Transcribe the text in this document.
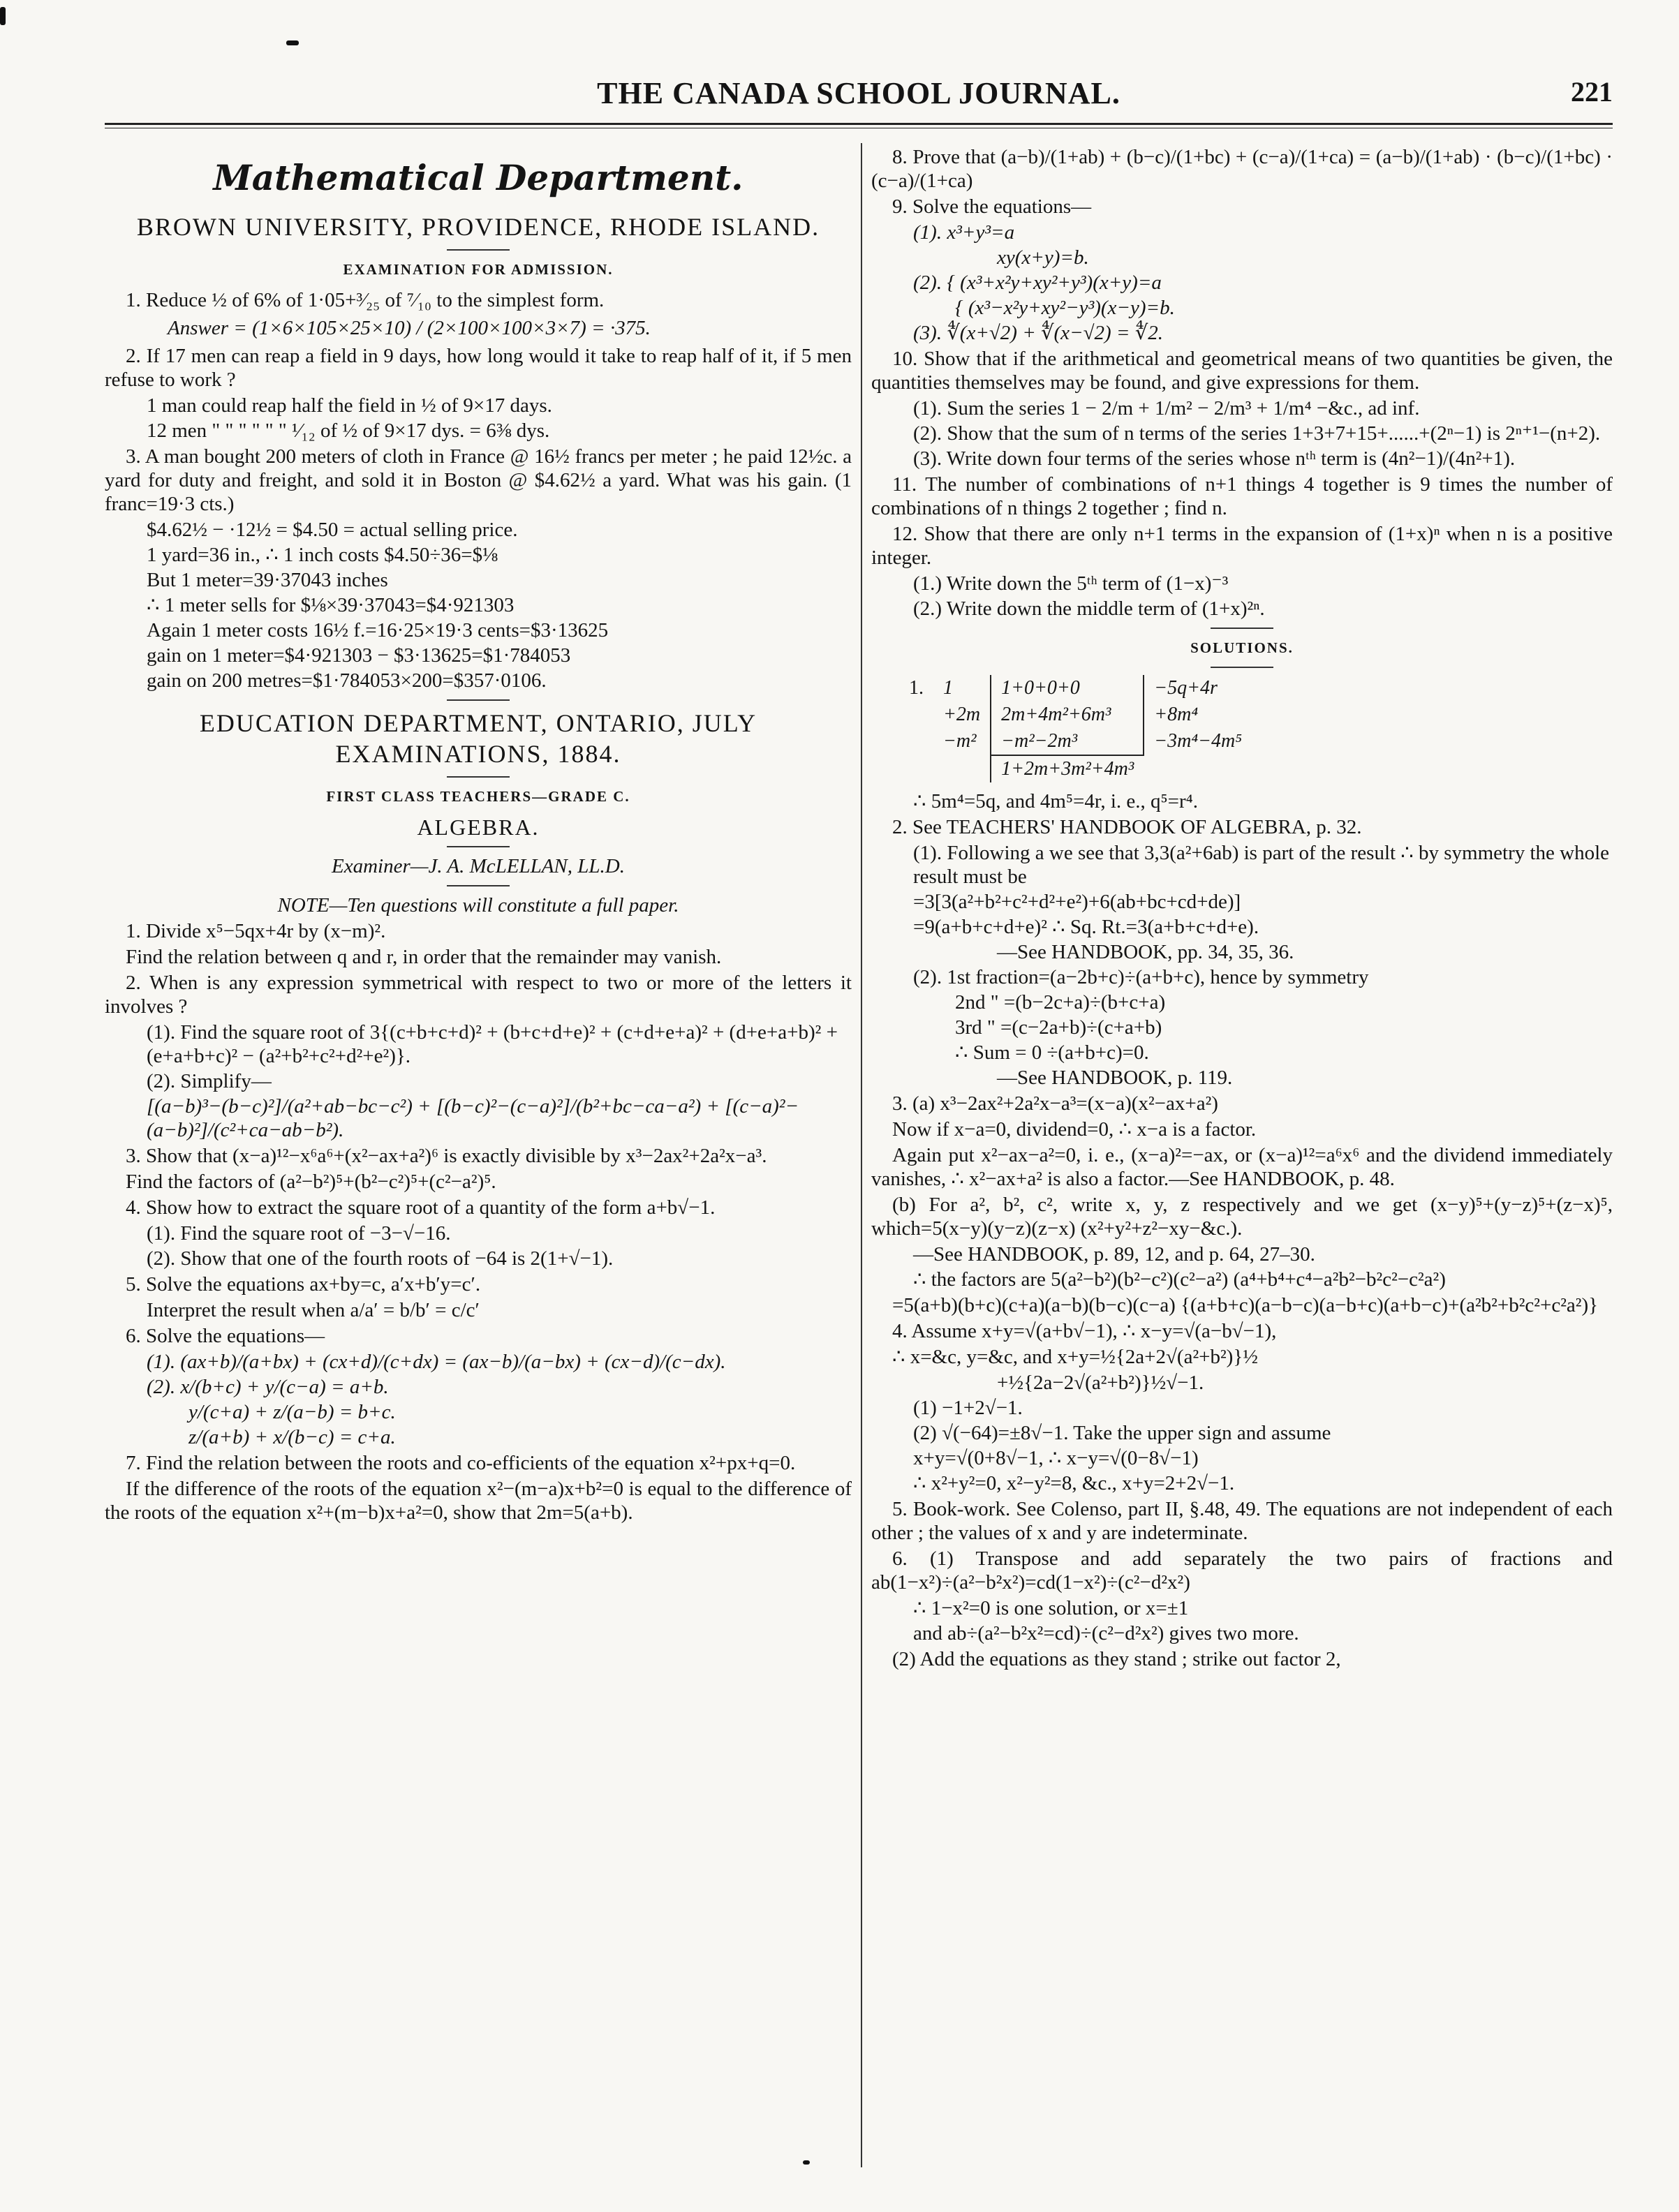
THE CANADA SCHOOL JOURNAL.	221
Mathematical Department.
BROWN UNIVERSITY, PROVIDENCE, RHODE ISLAND.
EXAMINATION FOR ADMISSION.
1. Reduce ½ of 6% of 1·05+³⁄₂₅ of ⁷⁄₁₀ to the simplest form.
Answer = (1×6×105×25×10) / (2×100×100×3×7) = ·375.
2. If 17 men can reap a field in 9 days, how long would it take to reap half of it, if 5 men refuse to work ?
1 man could reap half the field in ½ of 9×17 days.
12 men " " " " " " ¹⁄₁₂ of ½ of 9×17 dys. = 6⅜ dys.
3. A man bought 200 meters of cloth in France @ 16½ francs per meter ; he paid 12½c. a yard for duty and freight, and sold it in Boston @ $4.62½ a yard. What was his gain. (1 franc=19·3 cts.)
$4.62½ − ·12½ = $4.50 = actual selling price.
1 yard=36 in., ∴ 1 inch costs $4.50÷36=$⅛
But 1 meter=39·37043 inches
∴ 1 meter sells for $⅛×39·37043=$4·921303
Again 1 meter costs 16½ f.=16·25×19·3 cents=$3·13625
gain on 1 meter=$4·921303 − $3·13625=$1·784053
gain on 200 metres=$1·784053×200=$357·0106.
EDUCATION DEPARTMENT, ONTARIO, JULY EXAMINATIONS, 1884.
FIRST CLASS TEACHERS—GRADE C.
ALGEBRA.
Examiner—J. A. McLELLAN, LL.D.
NOTE—Ten questions will constitute a full paper.
1. Divide x⁵−5qx+4r by (x−m)².
Find the relation between q and r, in order that the remainder may vanish.
2. When is any expression symmetrical with respect to two or more of the letters it involves ?
(1). Find the square root of 3{(c+b+c+d)² + (b+c+d+e)² + (c+d+e+a)² + (d+e+a+b)² + (e+a+b+c)² − (a²+b²+c²+d²+e²)}.
(2). Simplify—
[(a−b)³−(b−c)²]/(a²+ab−bc−c²) + [(b−c)²−(c−a)²]/(b²+bc−ca−a²) + [(c−a)²−(a−b)²]/(c²+ca−ab−b²).
3. Show that (x−a)¹²−x⁶a⁶+(x²−ax+a²)⁶ is exactly divisible by x³−2ax²+2a²x−a³.
Find the factors of (a²−b²)⁵+(b²−c²)⁵+(c²−a²)⁵.
4. Show how to extract the square root of a quantity of the form a+b√−1.
(1). Find the square root of −3−√−16.
(2). Show that one of the fourth roots of −64 is 2(1+√−1).
5. Solve the equations ax+by=c, a′x+b′y=c′.
Interpret the result when a/a′ = b/b′ = c/c′
6. Solve the equations—
(1). (ax+b)/(a+bx) + (cx+d)/(c+dx) = (ax−b)/(a−bx) + (cx−d)/(c−dx).
(2). x/(b+c) + y/(c−a) = a+b.
y/(c+a) + z/(a−b) = b+c.
z/(a+b) + x/(b−c) = c+a.
7. Find the relation between the roots and co-efficients of the equation x²+px+q=0.
If the difference of the roots of the equation x²−(m−a)x+b²=0 is equal to the difference of the roots of the equation x²+(m−b)x+a²=0, show that 2m=5(a+b).
8. Prove that (a−b)/(1+ab) + (b−c)/(1+bc) + (c−a)/(1+ca) = (a−b)/(1+ab) · (b−c)/(1+bc) · (c−a)/(1+ca)
9. Solve the equations—
(1). x³+y³=a
xy(x+y)=b.
(2). { (x³+x²y+xy²+y³)(x+y)=a
{ (x³−x²y+xy²−y³)(x−y)=b.
(3). ∜(x+√2) + ∜(x−√2) = ∜2.
10. Show that if the arithmetical and geometrical means of two quantities be given, the quantities themselves may be found, and give expressions for them.
(1). Sum the series 1 − 2/m + 1/m² − 2/m³ + 1/m⁴ −&c., ad inf.
(2). Show that the sum of n terms of the series 1+3+7+15+......+(2ⁿ−1) is 2ⁿ⁺¹−(n+2).
(3). Write down four terms of the series whose nᵗʰ term is (4n²−1)/(4n²+1).
11. The number of combinations of n+1 things 4 together is 9 times the number of combinations of n things 2 together ; find n.
12. Show that there are only n+1 terms in the expansion of (1+x)ⁿ when n is a positive integer.
(1.) Write down the 5ᵗʰ term of (1−x)⁻³
(2.) Write down the middle term of (1+x)²ⁿ.
SOLUTIONS.
1.	1	1+0+0+0	−5q+4r
	+2m	2m+4m²+6m³	+8m⁴
	−m²	−m²−2m³	−3m⁴−4m⁵
		1+2m+3m²+4m³	
∴ 5m⁴=5q, and 4m⁵=4r, i. e., q⁵=r⁴.
2. See TEACHERS' HANDBOOK OF ALGEBRA, p. 32.
(1). Following a we see that 3,3(a²+6ab) is part of the result ∴ by symmetry the whole result must be
=3[3(a²+b²+c²+d²+e²)+6(ab+bc+cd+de)]
=9(a+b+c+d+e)² ∴ Sq. Rt.=3(a+b+c+d+e).
—See HANDBOOK, pp. 34, 35, 36.
(2). 1st fraction=(a−2b+c)÷(a+b+c), hence by symmetry
2nd " =(b−2c+a)÷(b+c+a)
3rd " =(c−2a+b)÷(c+a+b)
∴ Sum = 0 ÷(a+b+c)=0.
—See HANDBOOK, p. 119.
3. (a) x³−2ax²+2a²x−a³=(x−a)(x²−ax+a²)
Now if x−a=0, dividend=0, ∴ x−a is a factor.
Again put x²−ax−a²=0, i. e., (x−a)²=−ax, or (x−a)¹²=a⁶x⁶ and the dividend immediately vanishes, ∴ x²−ax+a² is also a factor.—See HANDBOOK, p. 48.
(b) For a², b², c², write x, y, z respectively and we get (x−y)⁵+(y−z)⁵+(z−x)⁵, which=5(x−y)(y−z)(z−x) (x²+y²+z²−xy−&c.).
—See HANDBOOK, p. 89, 12, and p. 64, 27–30.
∴ the factors are 5(a²−b²)(b²−c²)(c²−a²) (a⁴+b⁴+c⁴−a²b²−b²c²−c²a²)
=5(a+b)(b+c)(c+a)(a−b)(b−c)(c−a) {(a+b+c)(a−b−c)(a−b+c)(a+b−c)+(a²b²+b²c²+c²a²)}
4. Assume x+y=√(a+b√−1), ∴ x−y=√(a−b√−1),
∴ x=&c, y=&c, and x+y=½{2a+2√(a²+b²)}½
+½{2a−2√(a²+b²)}½√−1.
(1) −1+2√−1.
(2) √(−64)=±8√−1. Take the upper sign and assume
x+y=√(0+8√−1, ∴ x−y=√(0−8√−1)
∴ x²+y²=0, x²−y²=8, &c., x+y=2+2√−1.
5. Book-work. See Colenso, part II, §.48, 49. The equations are not independent of each other ; the values of x and y are indeterminate.
6. (1) Transpose and add separately the two pairs of fractions and ab(1−x²)÷(a²−b²x²)=cd(1−x²)÷(c²−d²x²)
∴ 1−x²=0 is one solution, or x=±1
and ab÷(a²−b²x²=cd)÷(c²−d²x²) gives two more.
(2) Add the equations as they stand ; strike out factor 2,
